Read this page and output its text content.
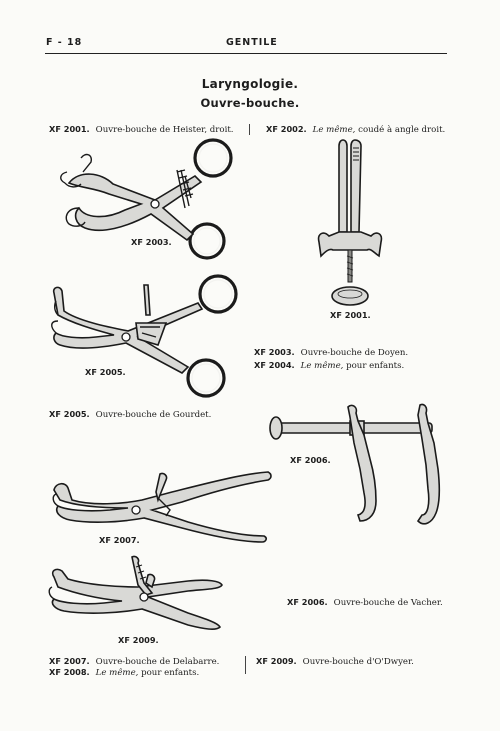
F - 18	GENTILE
Laryngologie.
Ouvre-bouche.
XF 2001. Ouvre-bouche de Heister, droit.	XF 2002. Le même, coudé à angle droit.
XF 2003.
XF 2001.
XF 2005.
XF 2003. Ouvre-bouche de Doyen.
XF 2004. Le même, pour enfants.
XF 2005. Ouvre-bouche de Gourdet.
XF 2006.
XF 2007.
XF 2009.
XF 2006. Ouvre-bouche de Vacher.
XF 2007. Ouvre-bouche de Delabarre.
XF 2008. Le même, pour enfants.
XF 2009. Ouvre-bouche d'O'Dwyer.
